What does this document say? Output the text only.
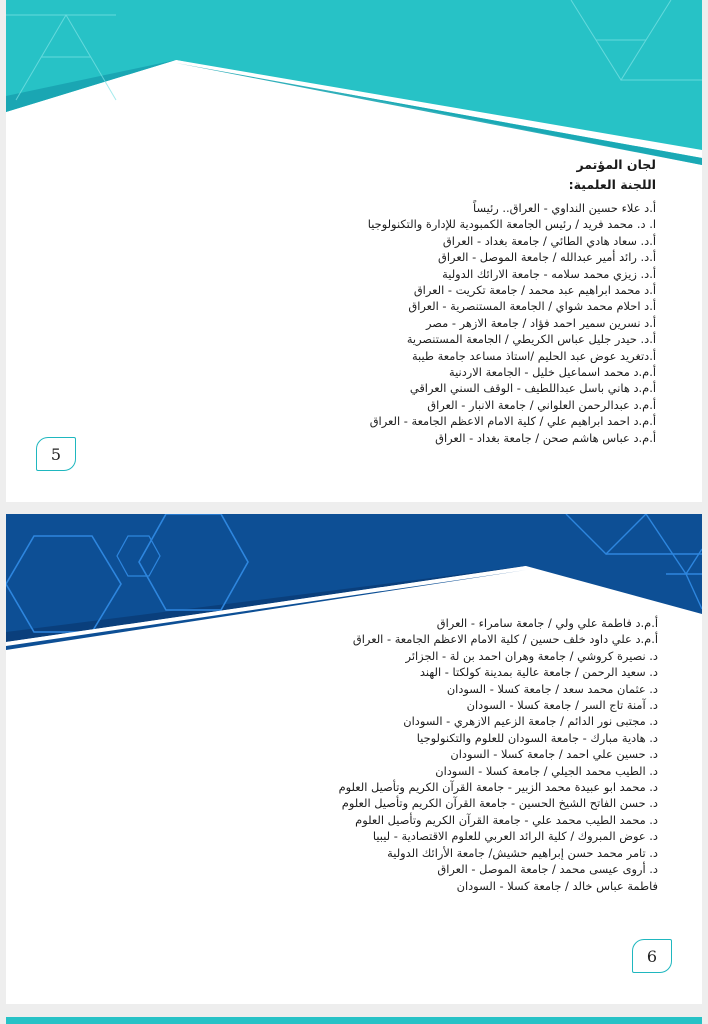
لجان المؤتمر
اللجنة العلمية:
أ.د علاء حسين النداوي - العراق.. رئيساً
ا. د. محمد فريد / رئيس الجامعة الكمبودية للإدارة والتكنولوجيا
أ.د. سعاد هادي الطائي / جامعة بغداد - العراق
أ.د. رائد أمير عبدالله / جامعة الموصل - العراق
أ.د. زيزي محمد سلامه - جامعة الارائك الدولية
أ.د محمد ابراهيم عبد محمد / جامعة تكريت - العراق
أ.د احلام محمد شواي / الجامعة المستنصرية - العراق
أ.د نسرين سمير احمد فؤاد / جامعة الازهر - مصر
أ.د. حيدر جليل عباس الكريطي / الجامعة المستنصرية
أ.دتغريد عوض عبد الحليم /استاذ مساعد جامعة طيبة
أ.م.د محمد اسماعيل خليل - الجامعة الاردنية
أ.م.د هاني باسل عبداللطيف - الوقف السني العراقي
أ.م.د عبدالرحمن العلواني / جامعة الانبار - العراق
أ.م.د احمد ابراهيم علي / كلية الامام الاعظم الجامعة - العراق
أ.م.د عباس هاشم صحن / جامعة بغداد - العراق
5
أ.م.د فاطمة علي ولي / جامعة سامراء - العراق
أ.م.د علي داود خلف حسين / كلية الامام الاعظم الجامعة - العراق
د. نصيرة كروشي / جامعة وهران احمد بن لة - الجزائر
د. سعيد الرحمن / جامعة عالية بمدينة كولكتا - الهند
د. عثمان محمد سعد / جامعة كسلا - السودان
د. آمنة تاج السر / جامعة كسلا - السودان
د. مجتبى نور الدائم / جامعة الزعيم الازهري - السودان
د. هادية مبارك - جامعة السودان للعلوم والتكنولوجيا
د. حسين علي احمد / جامعة كسلا - السودان
د. الطيب محمد الجيلي / جامعة كسلا - السودان
د. محمد ابو عبيدة محمد الزبير - جامعة القرآن الكريم وتأصيل العلوم
د. حسن الفاتح الشيخ الحسين - جامعة القرآن الكريم وتأصيل العلوم
د. محمد الطيب محمد علي - جامعة القرآن الكريم وتأصيل العلوم
د. عوض المبروك / كلية الرائد العربي للعلوم الاقتصادية - ليبيا
د. تامر محمد حسن إبراهيم حشيش/ جامعة الأرائك الدولية
د. أروى عيسى محمد / جامعة الموصل - العراق
فاطمة عباس خالد / جامعة كسلا - السودان
6
